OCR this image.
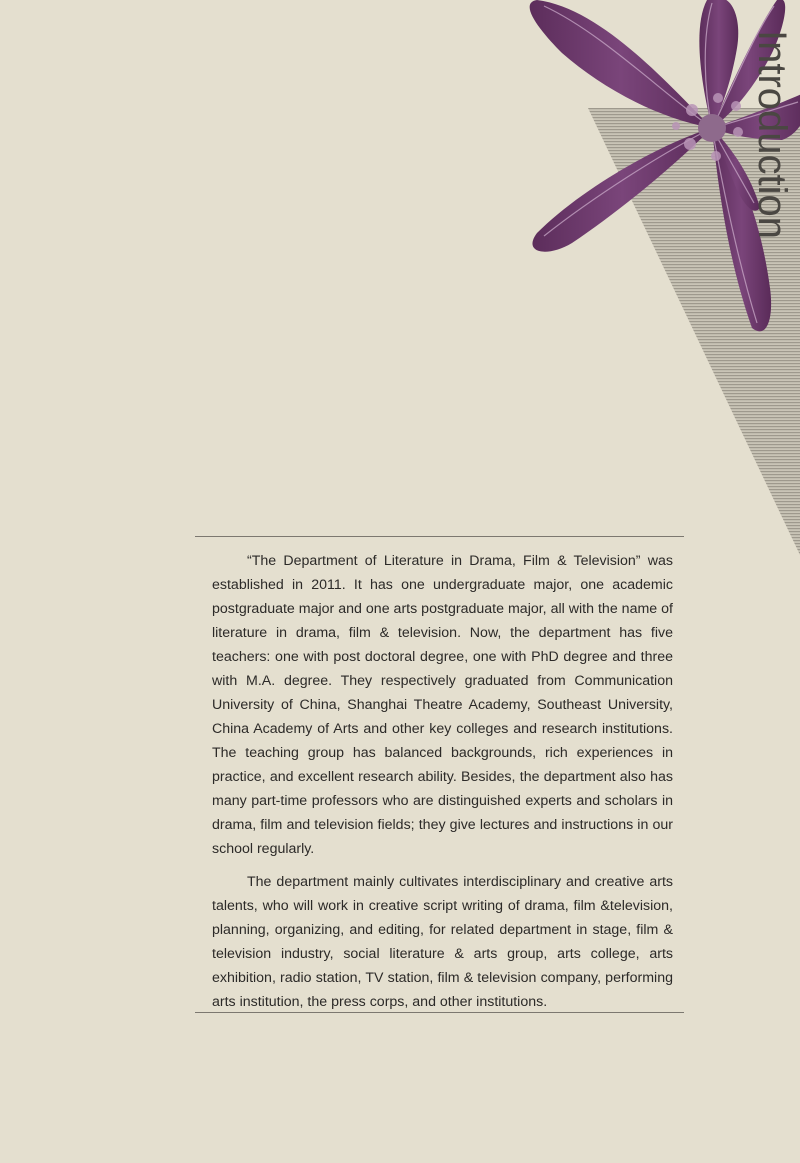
Introduction

“The Department of Literature in Drama, Film & Television” was established in 2011. It has one undergraduate major, one academic postgraduate major and one arts postgraduate major, all with the name of literature in drama, film & television. Now, the department has five teachers: one with post doctoral degree, one with PhD degree and three with M.A. degree. They respectively graduated from Communication University of China, Shanghai Theatre Academy, Southeast University, China Academy of Arts and other key colleges and research institutions. The teaching group has balanced backgrounds, rich experiences in practice, and excellent research ability. Besides, the department also has many part-time professors who are distinguished experts and scholars in drama, film and television fields; they give lectures and instructions in our school regularly.

The department mainly cultivates interdisciplinary and creative arts talents, who will work in creative script writing of drama, film &television, planning, organizing, and editing, for related department in stage, film & television industry, social literature & arts group, arts college, arts exhibition, radio station, TV station, film & television company, performing arts institution, the press corps, and other institutions.
